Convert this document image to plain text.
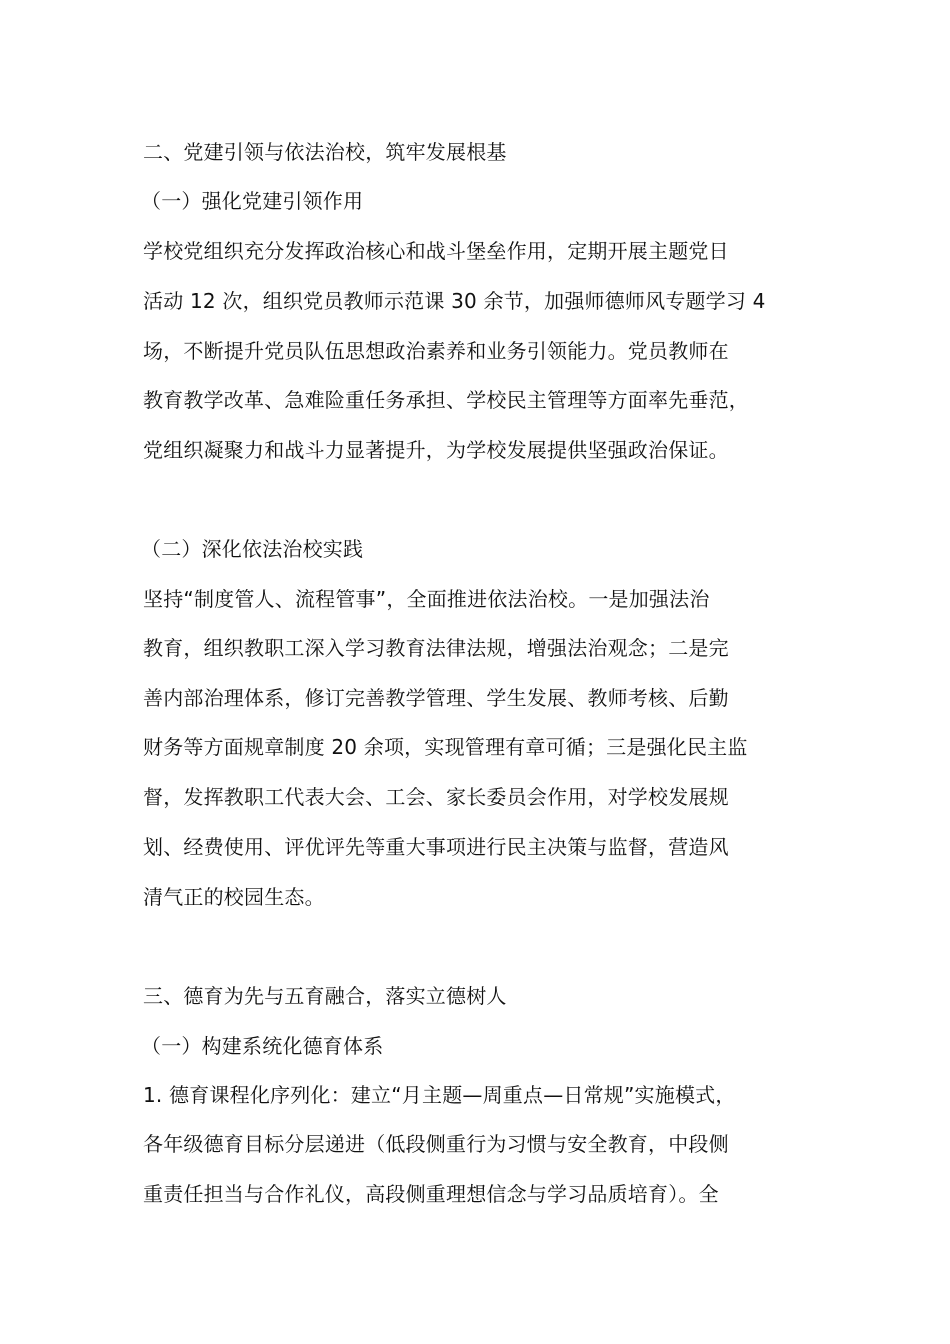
二、党建引领与依法治校，筑牢发展根基
（一）强化党建引领作用
学校党组织充分发挥政治核心和战斗堡垒作用，定期开展主题党日
活动 12 次，组织党员教师示范课 30 余节，加强师德师风专题学习 4
场，不断提升党员队伍思想政治素养和业务引领能力。党员教师在
教育教学改革、急难险重任务承担、学校民主管理等方面率先垂范，
党组织凝聚力和战斗力显著提升，为学校发展提供坚强政治保证。
（二）深化依法治校实践
坚持“制度管人、流程管事”，全面推进依法治校。一是加强法治
教育，组织教职工深入学习教育法律法规，增强法治观念；二是完
善内部治理体系，修订完善教学管理、学生发展、教师考核、后勤
财务等方面规章制度 20 余项，实现管理有章可循；三是强化民主监
督，发挥教职工代表大会、工会、家长委员会作用，对学校发展规
划、经费使用、评优评先等重大事项进行民主决策与监督，营造风
清气正的校园生态。
三、德育为先与五育融合，落实立德树人
（一）构建系统化德育体系
1. 德育课程化序列化：建立“月主题—周重点—日常规”实施模式，
各年级德育目标分层递进（低段侧重行为习惯与安全教育，中段侧
重责任担当与合作礼仪，高段侧重理想信念与学习品质培育）。全
